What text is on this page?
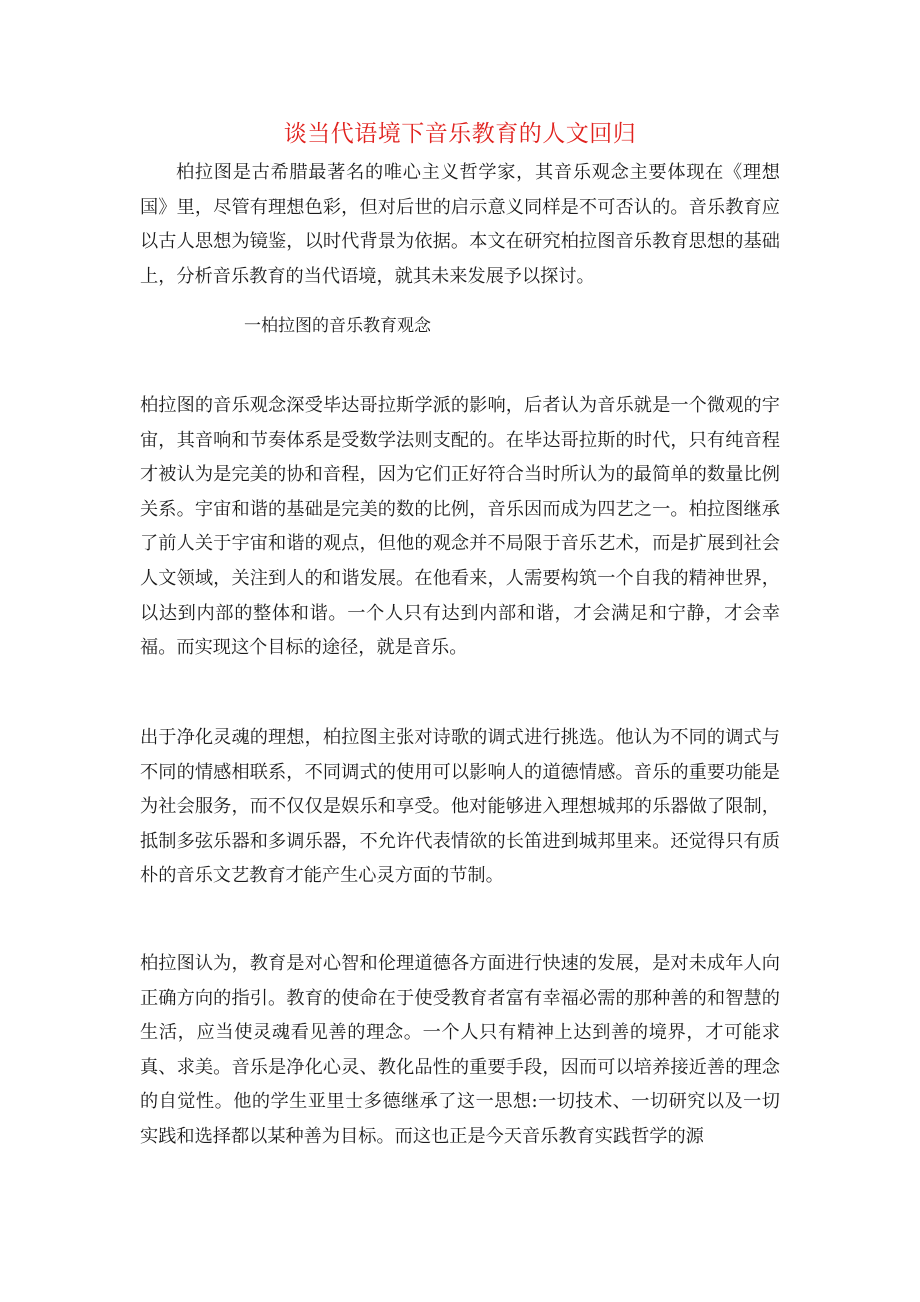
谈当代语境下音乐教育的人文回归

柏拉图是古希腊最著名的唯心主义哲学家，其音乐观念主要体现在《理想国》里，尽管有理想色彩，但对后世的启示意义同样是不可否认的。音乐教育应以古人思想为镜鉴，以时代背景为依据。本文在研究柏拉图音乐教育思想的基础上，分析音乐教育的当代语境，就其未来发展予以探讨。

一柏拉图的音乐教育观念

柏拉图的音乐观念深受毕达哥拉斯学派的影响，后者认为音乐就是一个微观的宇宙，其音响和节奏体系是受数学法则支配的。在毕达哥拉斯的时代，只有纯音程才被认为是完美的协和音程，因为它们正好符合当时所认为的最简单的数量比例关系。宇宙和谐的基础是完美的数的比例，音乐因而成为四艺之一。柏拉图继承了前人关于宇宙和谐的观点，但他的观念并不局限于音乐艺术，而是扩展到社会人文领域，关注到人的和谐发展。在他看来，人需要构筑一个自我的精神世界，以达到内部的整体和谐。一个人只有达到内部和谐，才会满足和宁静，才会幸福。而实现这个目标的途径，就是音乐。

出于净化灵魂的理想，柏拉图主张对诗歌的调式进行挑选。他认为不同的调式与不同的情感相联系，不同调式的使用可以影响人的道德情感。音乐的重要功能是为社会服务，而不仅仅是娱乐和享受。他对能够进入理想城邦的乐器做了限制，抵制多弦乐器和多调乐器，不允许代表情欲的长笛进到城邦里来。还觉得只有质朴的音乐文艺教育才能产生心灵方面的节制。

柏拉图认为，教育是对心智和伦理道德各方面进行快速的发展，是对未成年人向正确方向的指引。教育的使命在于使受教育者富有幸福必需的那种善的和智慧的生活，应当使灵魂看见善的理念。一个人只有精神上达到善的境界，才可能求真、求美。音乐是净化心灵、教化品性的重要手段，因而可以培养接近善的理念的自觉性。他的学生亚里士多德继承了这一思想:一切技术、一切研究以及一切实践和选择都以某种善为目标。而这也正是今天音乐教育实践哲学的源
